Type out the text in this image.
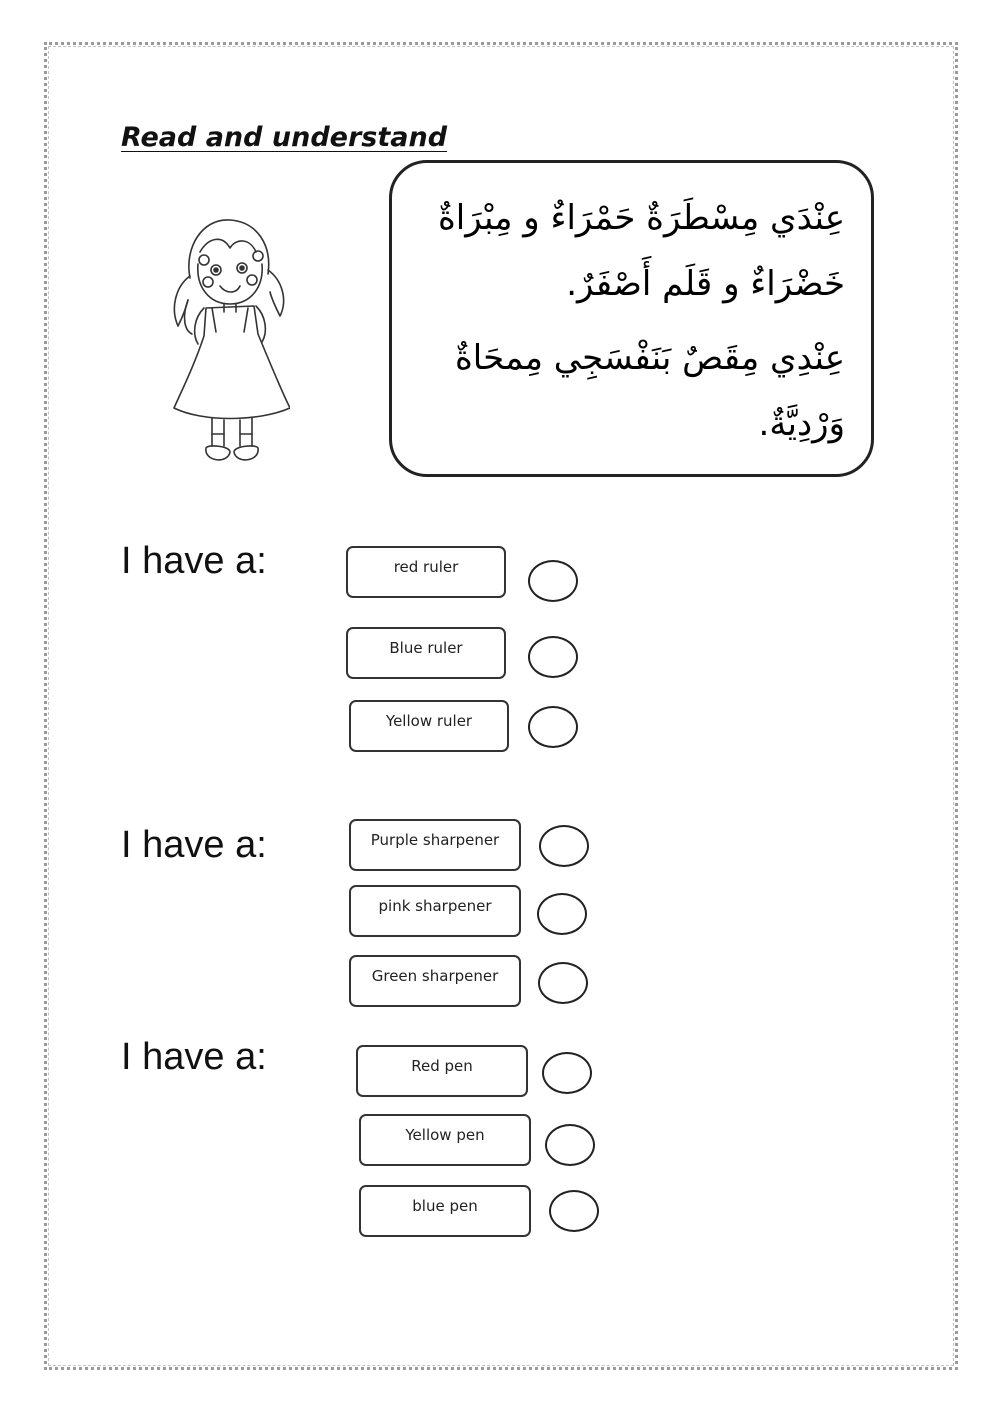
Read and understand

عِنْدَي مِسْطَرَةٌ حَمْرَاءٌ و مِبْرَاةٌ خَضْرَاءٌ و قَلَم أَصْفَرٌ.

عِنْدِي مِقَصٌ بَنَفْسَجِي مِمحَاةٌ وَرْدِيَّةٌ.

I have a:	red ruler
Blue ruler
Yellow ruler

I have a:	Purple sharpener
pink sharpener
Green sharpener

I have a:	Red pen
Yellow pen
blue pen
